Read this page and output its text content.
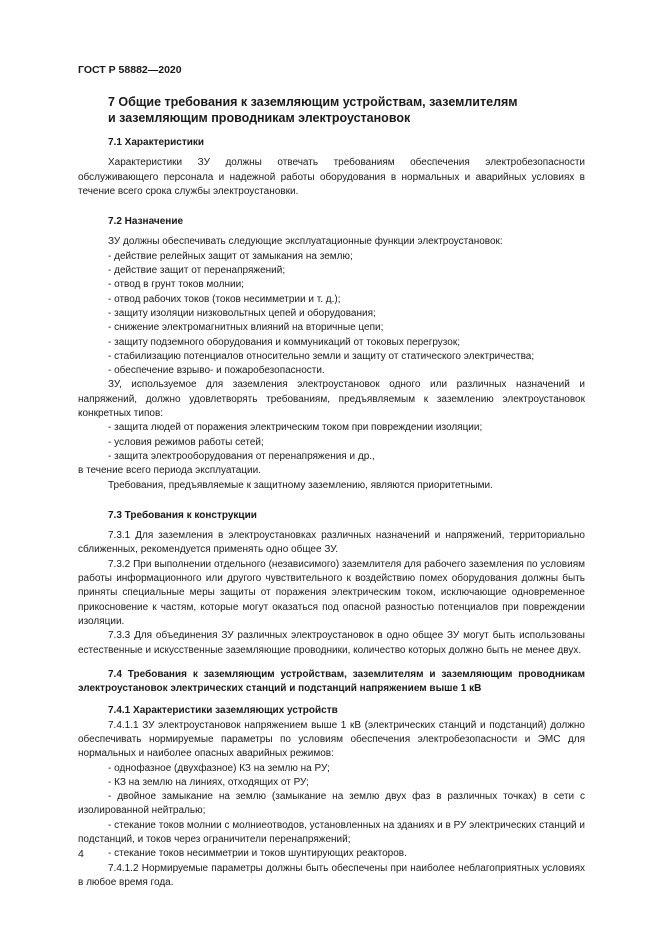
ГОСТ Р 58882—2020
7 Общие требования к заземляющим устройствам, заземлителям
и заземляющим проводникам электроустановок
7.1 Характеристики

Характеристики ЗУ должны отвечать требованиям обеспечения электробезопасности обслуживающего персонала и надежной работы оборудования в нормальных и аварийных условиях в течение всего срока службы электроустановки.

7.2 Назначение

ЗУ должны обеспечивать следующие эксплуатационные функции электроустановок:

- действие релейных защит от замыкания на землю;

- действие защит от перенапряжений;

- отвод в грунт токов молнии;

- отвод рабочих токов (токов несимметрии и т. д.);

- защиту изоляции низковольтных цепей и оборудования;

- снижение электромагнитных влияний на вторичные цепи;

- защиту подземного оборудования и коммуникаций от токовых перегрузок;

- стабилизацию потенциалов относительно земли и защиту от статического электричества;

- обеспечение взрыво- и пожаробезопасности.

ЗУ, используемое для заземления электроустановок одного или различных назначений и напряжений, должно удовлетворять требованиям, предъявляемым к заземлению электроустановок конкретных типов:

- защита людей от поражения электрическим током при повреждении изоляции;

- условия режимов работы сетей;

- защита электрооборудования от перенапряжения и др.,

в течение всего периода эксплуатации.

Требования, предъявляемые к защитному заземлению, являются приоритетными.

7.3 Требования к конструкции

7.3.1 Для заземления в электроустановках различных назначений и напряжений, территориально сближенных, рекомендуется применять одно общее ЗУ.

7.3.2 При выполнении отдельного (независимого) заземлителя для рабочего заземления по условиям работы информационного или другого чувствительного к воздействию помех оборудования должны быть приняты специальные меры защиты от поражения электрическим током, исключающие одновременное прикосновение к частям, которые могут оказаться под опасной разностью потенциалов при повреждении изоляции.

7.3.3 Для объединения ЗУ различных электроустановок в одно общее ЗУ могут быть использованы естественные и искусственные заземляющие проводники, количество которых должно быть не менее двух.

7.4 Требования к заземляющим устройствам, заземлителям и заземляющим проводникам электроустановок электрических станций и подстанций напряжением выше 1 кВ
7.4.1 Характеристики заземляющих устройств

7.4.1.1 ЗУ электроустановок напряжением выше 1 кВ (электрических станций и подстанций) должно обеспечивать нормируемые параметры по условиям обеспечения электробезопасности и ЭМС для нормальных и наиболее опасных аварийных режимов:

- однофазное (двухфазное) КЗ на землю на РУ;

- КЗ на землю на линиях, отходящих от РУ;

- двойное замыкание на землю (замыкание на землю двух фаз в различных точках) в сети с изолированной нейтралью;

- стекание токов молнии с молниеотводов, установленных на зданиях и в РУ электрических станций и подстанций, и токов через ограничители перенапряжений;

- стекание токов несимметрии и токов шунтирующих реакторов.

7.4.1.2 Нормируемые параметры должны быть обеспечены при наиболее неблагоприятных условиях в любое время года.

4
